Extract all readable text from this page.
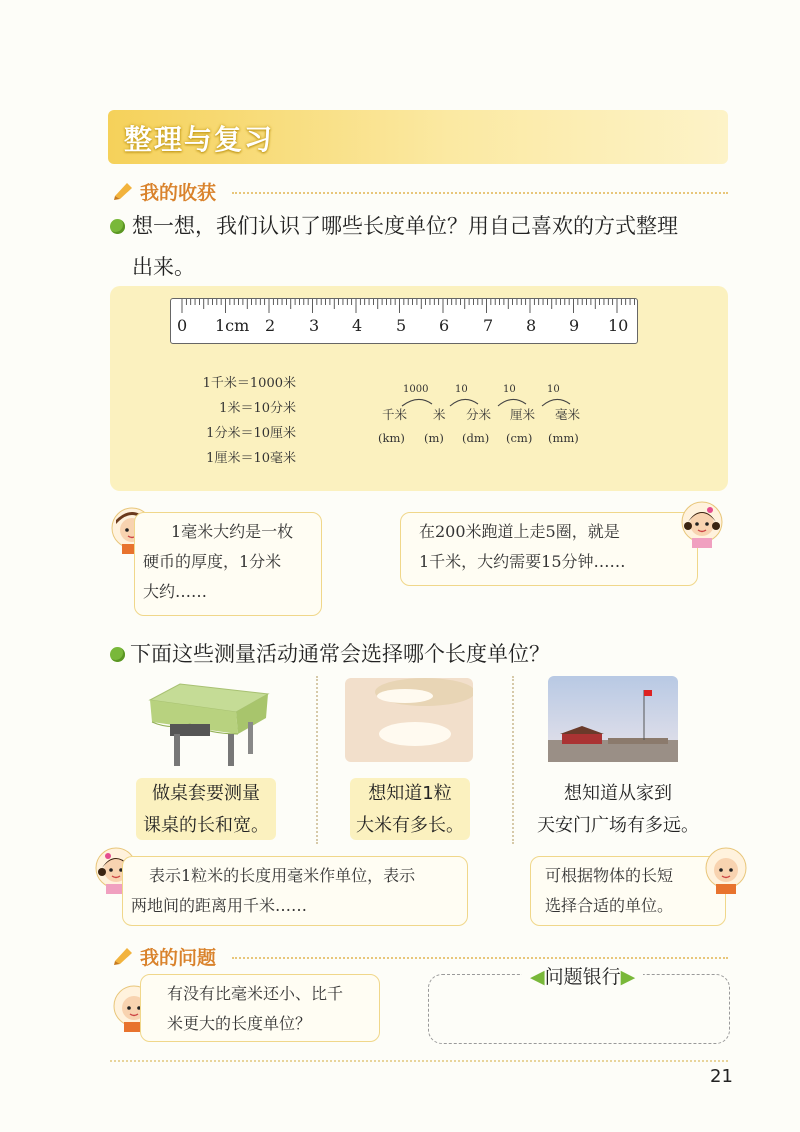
整理与复习
我的收获
想一想，我们认识了哪些长度单位？用自己喜欢的方式整理
出来。
0 1cm 2 3 4 5 6 7 8 9 10
1千米＝1000米
1米＝10分米
1分米＝10厘米
1厘米＝10毫米
1000	10	10	10
千米 米 分米 厘米 毫米
(km) (m) (dm) (cm) (mm)
1毫米大约是一枚
硬币的厚度，1分米
大约……
在200米跑道上走5圈，就是
1千米，大约需要15分钟……
下面这些测量活动通常会选择哪个长度单位？
做桌套要测量
课桌的长和宽。
想知道1粒
大米有多长。
想知道从家到
天安门广场有多远。
表示1粒米的长度用毫米作单位，表示
两地间的距离用千米……
可根据物体的长短
选择合适的单位。
我的问题
有没有比毫米还小、比千
米更大的长度单位？
◀问题银行▶
21
